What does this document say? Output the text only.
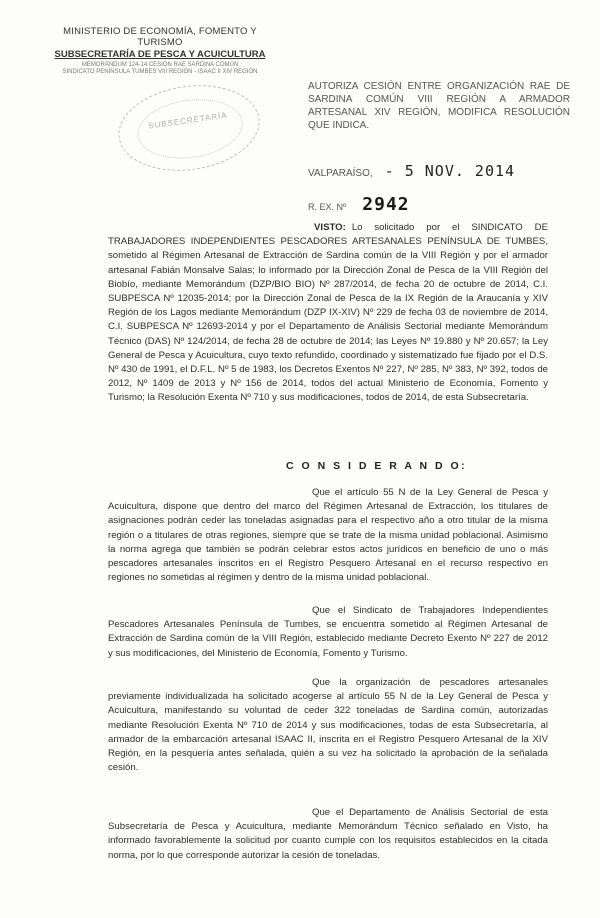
MINISTERIO DE ECONOMÍA, FOMENTO Y TURISMO
SUBSECRETARÍA DE PESCA Y ACUICULTURA
MEMORÁNDUM 124-14 CESIÓN RAE SARDINA COMÚN
SINDICATO PENÍNSULA TUMBES VIII REGIÓN - ISAAC II XIV REGIÓN
SUBSECRETARÍA
AUTORIZA CESIÓN ENTRE ORGANIZACIÓN RAE DE SARDINA COMÚN VIII REGIÓN A ARMADOR ARTESANAL XIV REGIÓN, MODIFICA RESOLUCIÓN QUE INDICA.
VALPARAÍSO, - 5 NOV. 2014
R. EX. Nº 2942
VISTO: Lo solicitado por el SINDICATO DE TRABAJADORES INDEPENDIENTES PESCADORES ARTESANALES PENÍNSULA DE TUMBES, sometido al Régimen Artesanal de Extracción de Sardina común de la VIII Región y por el armador artesanal Fabián Monsalve Salas; lo informado por la Dirección Zonal de Pesca de la VIII Región del Biobío, mediante Memorándum (DZP/BIO BIO) Nº 287/2014, de fecha 20 de octubre de 2014, C.I. SUBPESCA Nº 12035-2014; por la Dirección Zonal de Pesca de la IX Región de la Araucanía y XIV Región de los Lagos mediante Memorándum (DZP IX-XIV) Nº 229 de fecha 03 de noviembre de 2014, C.I. SUBPESCA Nº 12693-2014 y por el Departamento de Análisis Sectorial mediante Memorándum Técnico (DAS) Nº 124/2014, de fecha 28 de octubre de 2014; las Leyes Nº 19.880 y Nº 20.657; la Ley General de Pesca y Acuicultura, cuyo texto refundido, coordinado y sistematizado fue fijado por el D.S. Nº 430 de 1991, el D.F.L. Nº 5 de 1983, los Decretos Exentos Nº 227, Nº 285, Nº 383, Nº 392, todos de 2012, Nº 1409 de 2013 y Nº 156 de 2014, todos del actual Ministerio de Economía, Fomento y Turismo; la Resolución Exenta Nº 710 y sus modificaciones, todos de 2014, de esta Subsecretaría.
C O N S I D E R A N D O:
Que el artículo 55 N de la Ley General de Pesca y Acuicultura, dispone que dentro del marco del Régimen Artesanal de Extracción, los titulares de asignaciones podrán ceder las toneladas asignadas para el respectivo año a otro titular de la misma región o a titulares de otras regiones, siempre que se trate de la misma unidad poblacional. Asimismo la norma agrega que también se podrán celebrar estos actos jurídicos en beneficio de uno o más pescadores artesanales inscritos en el Registro Pesquero Artesanal en el recurso respectivo en regiones no sometidas al régimen y dentro de la misma unidad poblacional.
Que el Sindicato de Trabajadores Independientes Pescadores Artesanales Península de Tumbes, se encuentra sometido al Régimen Artesanal de Extracción de Sardina común de la VIII Región, establecido mediante Decreto Exento Nº 227 de 2012 y sus modificaciones, del Ministerio de Economía, Fomento y Turismo.
Que la organización de pescadores artesanales previamente individualizada ha solicitado acogerse al artículo 55 N de la Ley General de Pesca y Acuicultura, manifestando su voluntad de ceder 322 toneladas de Sardina común, autorizadas mediante Resolución Exenta Nº 710 de 2014 y sus modificaciones, todas de esta Subsecretaría, al armador de la embarcación artesanal ISAAC II, inscrita en el Registro Pesquero Artesanal de la XIV Región, en la pesquería antes señalada, quién a su vez ha solicitado la aprobación de la señalada cesión.
Que el Departamento de Análisis Sectorial de esta Subsecretaría de Pesca y Acuicultura, mediante Memorándum Técnico señalado en Visto, ha informado favorablemente la solicitud por cuanto cumple con los requisitos establecidos en la citada norma, por lo que corresponde autorizar la cesión de toneladas.
